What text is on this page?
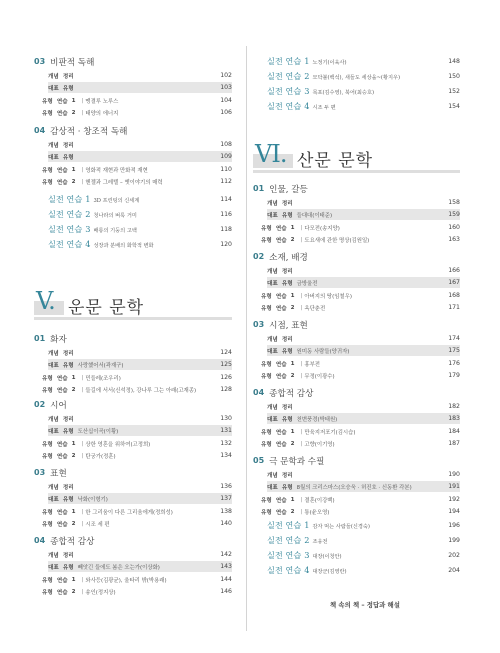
03 비판적 독해
개념 정리	102
대표 유형	103
유형 연습 1 | 맹결루 노루스	104
유형 연습 2 | 태양의 에너지	106
04 감상적 · 창조적 독해
개념 정리	108
대표 유형	109
유형 연습 1 | 영화적 재현과 만화적 재현	110
유형 연습 2 | 헨젤과 그레텔 – 옛이야기의 매력	112
실전 연습 1 3D 프린팅의 신세계	114
실전 연습 2 청나라의 벼룩 거미	116
실전 연습 3 배롱의 기둥의 고백	118
실전 연습 4 성장과 분배의 화학적 변화	120
V. 운문 문학
01 화자
개념 정리	124
대표 유형 사랑했어서(곽재구)	125
유형 연습 1 | 민들레(조우리)	126
유형 연습 2 | 들길에 서서(신석정), 강나루 그는 아래(고재종)	128
02 시어
개념 정리	130
대표 유형 도산십이곡(이황)	131
유형 연습 1 | 상한 영혼을 위하여(고정희)	132
유형 연습 2 | 탄궁가(정훈)	134
03 표현
개념 정리	136
대표 유형 낙화(이형기)	137
유형 연습 1 | 한 그리움이 다른 그리움에게(정희성)	138
유형 연습 2 | 시조 세 편	140
04 종합적 감상
개념 정리	142
대표 유형 빼앗긴 들에도 봄은 오는가(이상화)	143
유형 연습 1 | 와사등(김광균), 울타리 밖(박용래)	144
유형 연습 2 | 송인(정지상)	146
실전 연습 1 노정기(이육사)	148
실전 연습 2 모닥불(백석), 새들도 세상을~(황지우)	150
실전 연습 3 목포(김수영), 북어(최승호)	152
실전 연습 4 시조 두 편	154
VI. 산문 문학
01 인물, 갈등
개념 정리	158
대표 유형 들대대(이태준)	159
유형 연습 1 | 다모전(송지양)	160
유형 연습 2 | 도요새에 관한 명상(김원일)	163
02 소재, 배경
개념 정리	166
대표 유형 금방울전	167
유형 연습 1 | 아버지의 땅(임철우)	168
유형 연습 2 | 옥단춘전	171
03 시점, 표현
개념 정리	174
대표 유형 원미동 사람들(양귀자)	175
유형 연습 1 | 홍부전	176
유형 연습 2 | 무정(이광수)	179
04 종합적 감상
개념 정리	182
대표 유형 천변풍경(박태원)	183
유형 연습 1 | 만육지저포기(김시습)	184
유형 연습 2 | 고향(이기영)	187
05 극 문학과 수필
개념 정리	190
대표 유형 8월의 크리스마스(오승욱 · 허진호 · 신동환 각본)	191
유형 연습 1 | 결혼(이강백)	192
유형 연습 2 | 통(윤오영)	194
실전 연습 1 감자 먹는 사람들(신경숙)	196
실전 연습 2 조웅전	199
실전 연습 3 대장(이청안)	202
실전 연습 4 대장군(김영란)	204
책 속의 책 – 정답과 해설
